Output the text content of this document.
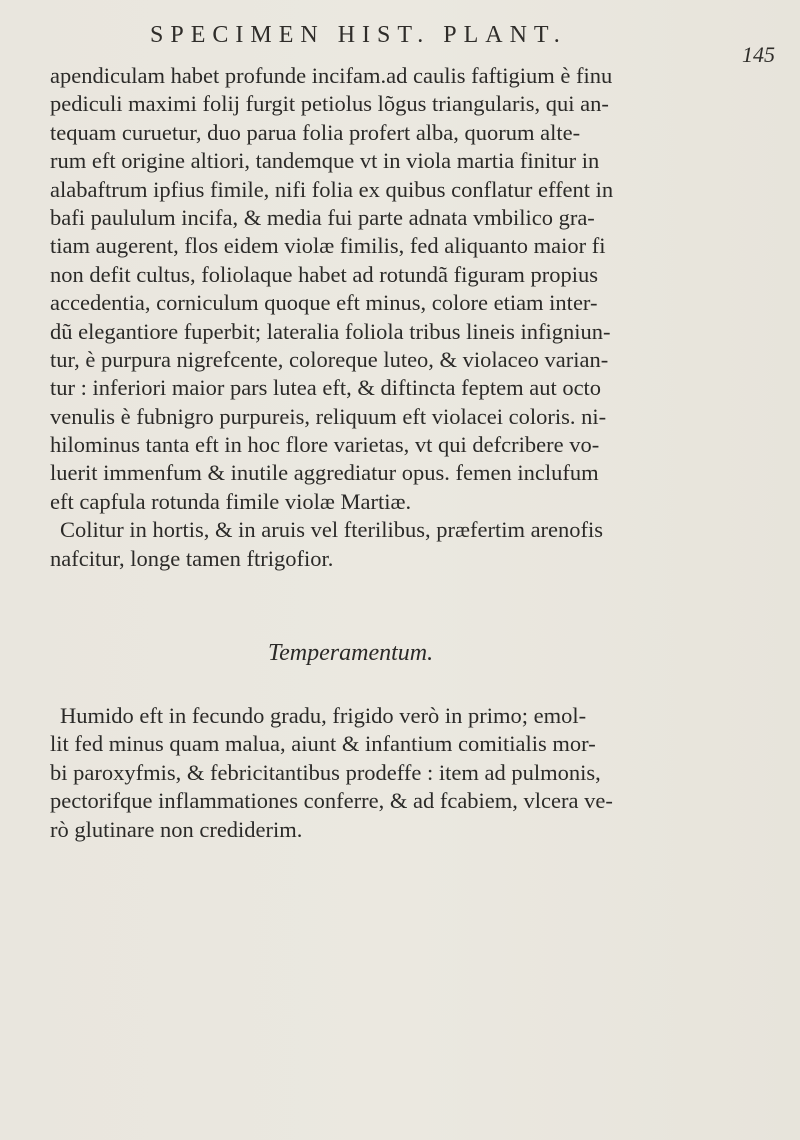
SPECIMEN HIST. PLANT.
145
apendiculam habet profunde incifam.ad caulis faftigium è finu
pediculi maximi folij furgit petiolus lõgus triangularis, qui an-
tequam curuetur, duo parua folia profert alba, quorum alte-
rum eft origine altiori, tandemque vt in viola martia finitur in
alabaftrum ipfius fimile, nifi folia ex quibus conflatur effent in
bafi paululum incifa, & media fui parte adnata vmbilico gra-
tiam augerent, flos eidem violæ fimilis, fed aliquanto maior fi
non defit cultus, foliolaque habet ad rotundã figuram propius
accedentia, corniculum quoque eft minus, colore etiam inter-
dũ elegantiore fuperbit; lateralia foliola tribus lineis infigniun-
tur, è purpura nigrefcente, coloreque luteo, & violaceo varian-
tur : inferiori maior pars lutea eft, & diftincta feptem aut octo
venulis è fubnigro purpureis, reliquum eft violacei coloris. ni-
hilominus tanta eft in hoc flore varietas, vt qui defcribere vo-
luerit immenfum & inutile aggrediatur opus. femen inclufum
eft capfula rotunda fimile violæ Martiæ.
Colitur in hortis, & in aruis vel fterilibus, præfertim arenofis
nafcitur, longe tamen ftrigofior.
Temperamentum.
Humido eft in fecundo gradu, frigido verò in primo; emol-
lit fed minus quam malua, aiunt & infantium comitialis mor-
bi paroxyfmis, & febricitantibus prodeffe : item ad pulmonis,
pectorifque inflammationes conferre, & ad fcabiem, vlcera ve-
rò glutinare non crediderim.
